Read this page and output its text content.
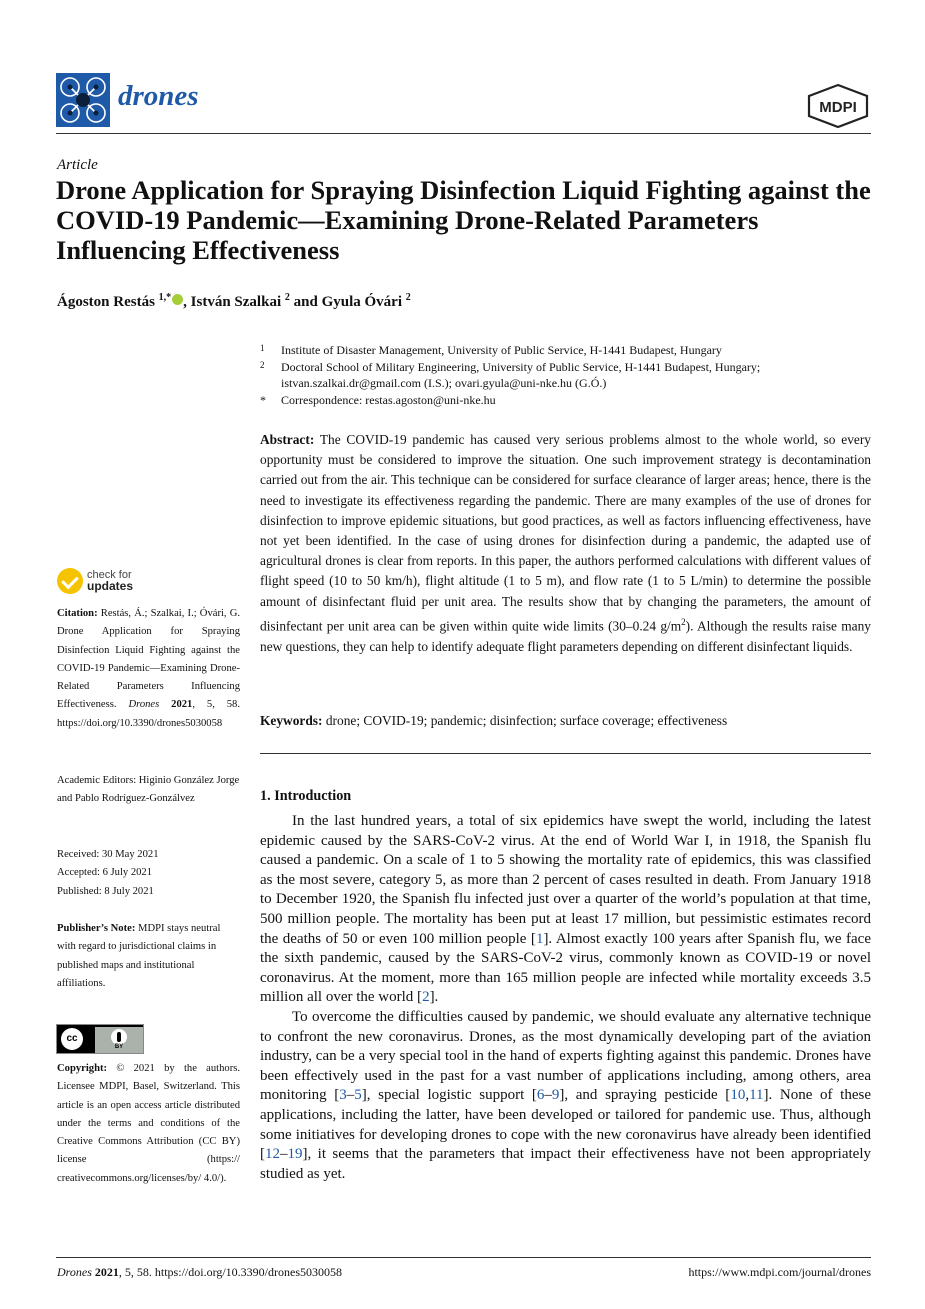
drones	MDPI
Article
Drone Application for Spraying Disinfection Liquid Fighting against the COVID-19 Pandemic—Examining Drone-Related Parameters Influencing Effectiveness
Ágoston Restás $^{1,*}$ , István Szalkai $^2$ and Gyula Óvári $^2$
1	Institute of Disaster Management, University of Public Service, H-1441 Budapest, Hungary
2	Doctoral School of Military Engineering, University of Public Service, H-1441 Budapest, Hungary; istvan.szalkai.dr@gmail.com (I.S.); ovari.gyula@uni-nke.hu (G.Ó.)
*	Correspondence: restas.agoston@uni-nke.hu
Abstract: The COVID-19 pandemic has caused very serious problems almost to the whole world, so every opportunity must be considered to improve the situation. One such improvement strategy is decontamination carried out from the air. This technique can be considered for surface clearance of larger areas; hence, there is the need to investigate its effectiveness regarding the pandemic. There are many examples of the use of drones for disinfection to improve epidemic situations, but good practices, as well as factors influencing effectiveness, have not yet been identified. In the case of using drones for disinfection during a pandemic, the adapted use of agricultural drones is clear from reports. In this paper, the authors performed calculations with different values of flight speed (10 to 50 km/h), flight altitude (1 to 5 m), and flow rate (1 to 5 L/min) to determine the possible amount of disinfectant fluid per unit area. The results show that by changing the parameters, the amount of disinfectant per unit area can be given within quite wide limits (30–0.24 $g/m^2$). Although the results raise many new questions, they can help to identify adequate flight parameters depending on different disinfectant liquids.
Keywords: drone; COVID-19; pandemic; disinfection; surface coverage; effectiveness
check for
updates
Citation: Restás, Á.; Szalkai, I.; Óvári, G. Drone Application for Spraying Disinfection Liquid Fighting against the COVID-19 Pandemic—Examining Drone-Related Parameters Influencing Effectiveness. Drones 2021, 5, 58. https://doi.org/10.3390/drones5030058
Academic Editors: Higinio González Jorge and Pablo Rodríguez-Gonzálvez
Received: 30 May 2021
Accepted: 6 July 2021
Published: 8 July 2021
Publisher’s Note: MDPI stays neutral with regard to jurisdictional claims in published maps and institutional affiliations.
cc
BY
Copyright: © 2021 by the authors. Licensee MDPI, Basel, Switzerland. This article is an open access article distributed under the terms and conditions of the Creative Commons Attribution (CC BY) license (https:// creativecommons.org/licenses/by/ 4.0/).
1. Introduction

In the last hundred years, a total of six epidemics have swept the world, including the latest epidemic caused by the SARS-CoV-2 virus. At the end of World War I, in 1918, the Spanish flu caused a pandemic. On a scale of 1 to 5 showing the mortality rate of epidemics, this was classified as the most severe, category 5, as more than 2 percent of cases resulted in death. From January 1918 to December 1920, the Spanish flu infected just over a quarter of the world’s population at that time, 500 million people. The mortality has been put at least 17 million, but pessimistic estimates record the deaths of 50 or even 100 million people [1]. Almost exactly 100 years after Spanish flu, we face the sixth pandemic, caused by the SARS-CoV-2 virus, commonly known as COVID-19 or novel coronavirus. At the moment, more than 165 million people are infected while mortality exceeds 3.5 million all over the world [2].

To overcome the difficulties caused by pandemic, we should evaluate any alternative technique to confront the new coronavirus. Drones, as the most dynamically developing part of the aviation industry, can be a very special tool in the hand of experts fighting against this pandemic. Drones have been effectively used in the past for a vast number of applications including, among others, area monitoring [3–5], special logistic support [6–9], and spraying pesticide [10,11]. None of these applications, including the latter, have been developed or tailored for pandemic use. Thus, although some initiatives for developing drones to cope with the new coronavirus have already been identified [12–19], it seems that the parameters that impact their effectiveness have not been appropriately studied as yet.

Drones 2021, 5, 58. https://doi.org/10.3390/drones5030058	https://www.mdpi.com/journal/drones
